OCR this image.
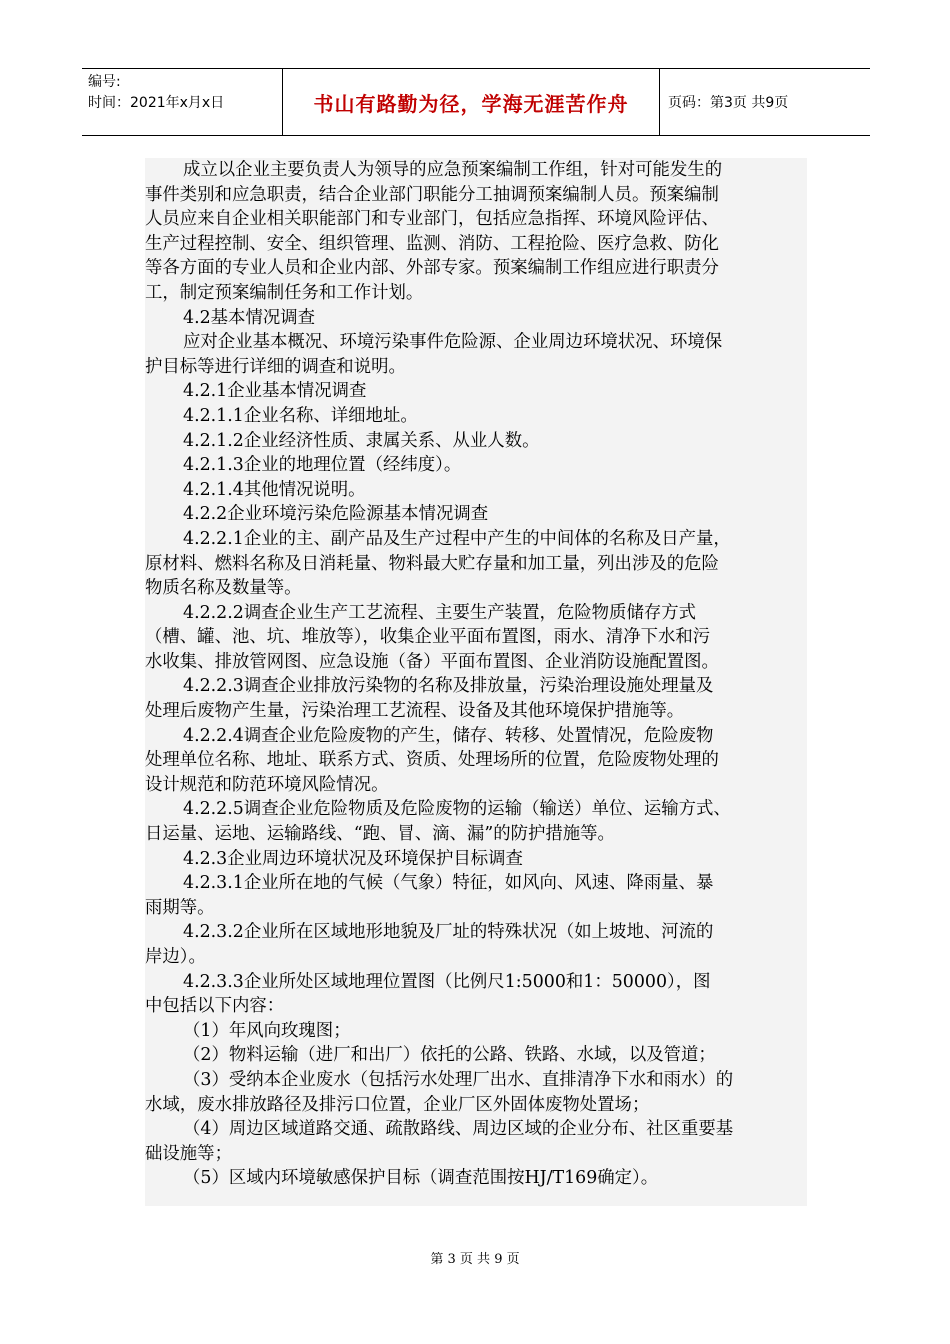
编号:
时间：2021年x月x日	书山有路勤为径，学海无涯苦作舟	页码：第3页 共9页

成立以企业主要负责人为领导的应急预案编制工作组，针对可能发生的

事件类别和应急职责，结合企业部门职能分工抽调预案编制人员。预案编制

人员应来自企业相关职能部门和专业部门，包括应急指挥、环境风险评估、

生产过程控制、安全、组织管理、监测、消防、工程抢险、医疗急救、防化

等各方面的专业人员和企业内部、外部专家。预案编制工作组应进行职责分

工，制定预案编制任务和工作计划。

4.2基本情况调查

应对企业基本概况、环境污染事件危险源、企业周边环境状况、环境保

护目标等进行详细的调查和说明。

4.2.1企业基本情况调查

4.2.1.1企业名称、详细地址。

4.2.1.2企业经济性质、隶属关系、从业人数。

4.2.1.3企业的地理位置（经纬度）。

4.2.1.4其他情况说明。

4.2.2企业环境污染危险源基本情况调查

4.2.2.1企业的主、副产品及生产过程中产生的中间体的名称及日产量，

原材料、燃料名称及日消耗量、物料最大贮存量和加工量，列出涉及的危险

物质名称及数量等。

4.2.2.2调查企业生产工艺流程、主要生产装置，危险物质储存方式

（槽、罐、池、坑、堆放等），收集企业平面布置图，雨水、清净下水和污

水收集、排放管网图、应急设施（备）平面布置图、企业消防设施配置图。

4.2.2.3调查企业排放污染物的名称及排放量，污染治理设施处理量及

处理后废物产生量，污染治理工艺流程、设备及其他环境保护措施等。

4.2.2.4调查企业危险废物的产生，储存、转移、处置情况，危险废物

处理单位名称、地址、联系方式、资质、处理场所的位置，危险废物处理的

设计规范和防范环境风险情况。

4.2.2.5调查企业危险物质及危险废物的运输（输送）单位、运输方式、

日运量、运地、运输路线、“跑、冒、滴、漏”的防护措施等。

4.2.3企业周边环境状况及环境保护目标调查

4.2.3.1企业所在地的气候（气象）特征，如风向、风速、降雨量、暴

雨期等。

4.2.3.2企业所在区域地形地貌及厂址的特殊状况（如上坡地、河流的

岸边）。

4.2.3.3企业所处区域地理位置图（比例尺1:5000和1：50000），图

中包括以下内容：

（1）年风向玫瑰图；

（2）物料运输（进厂和出厂）依托的公路、铁路、水域，以及管道；

（3）受纳本企业废水（包括污水处理厂出水、直排清净下水和雨水）的

水域，废水排放路径及排污口位置，企业厂区外固体废物处置场；

（4）周边区域道路交通、疏散路线、周边区域的企业分布、社区重要基

础设施等；

（5）区域内环境敏感保护目标（调查范围按HJ/T169确定）。

第 3 页 共 9 页
